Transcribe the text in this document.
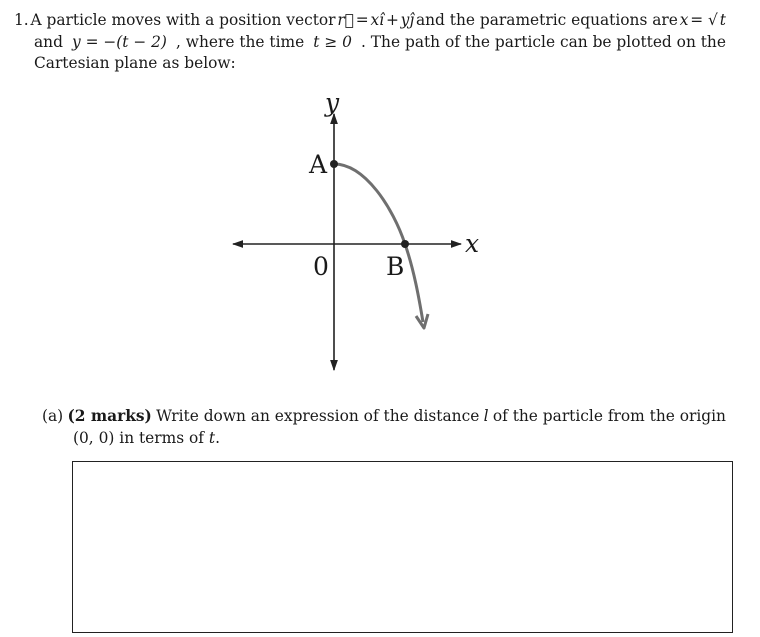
1. A particle moves with a position vector r⃗ = xî + yĵ and the parametric equations are x = √ t
and y = −(t − 2) , where the time t ≥ 0 . The path of the particle can be plotted on the
Cartesian plane as below:
y
x
A
B
0
(a) (2 marks) Write down an expression of the distance l of the particle from the origin
(0, 0) in terms of t.
